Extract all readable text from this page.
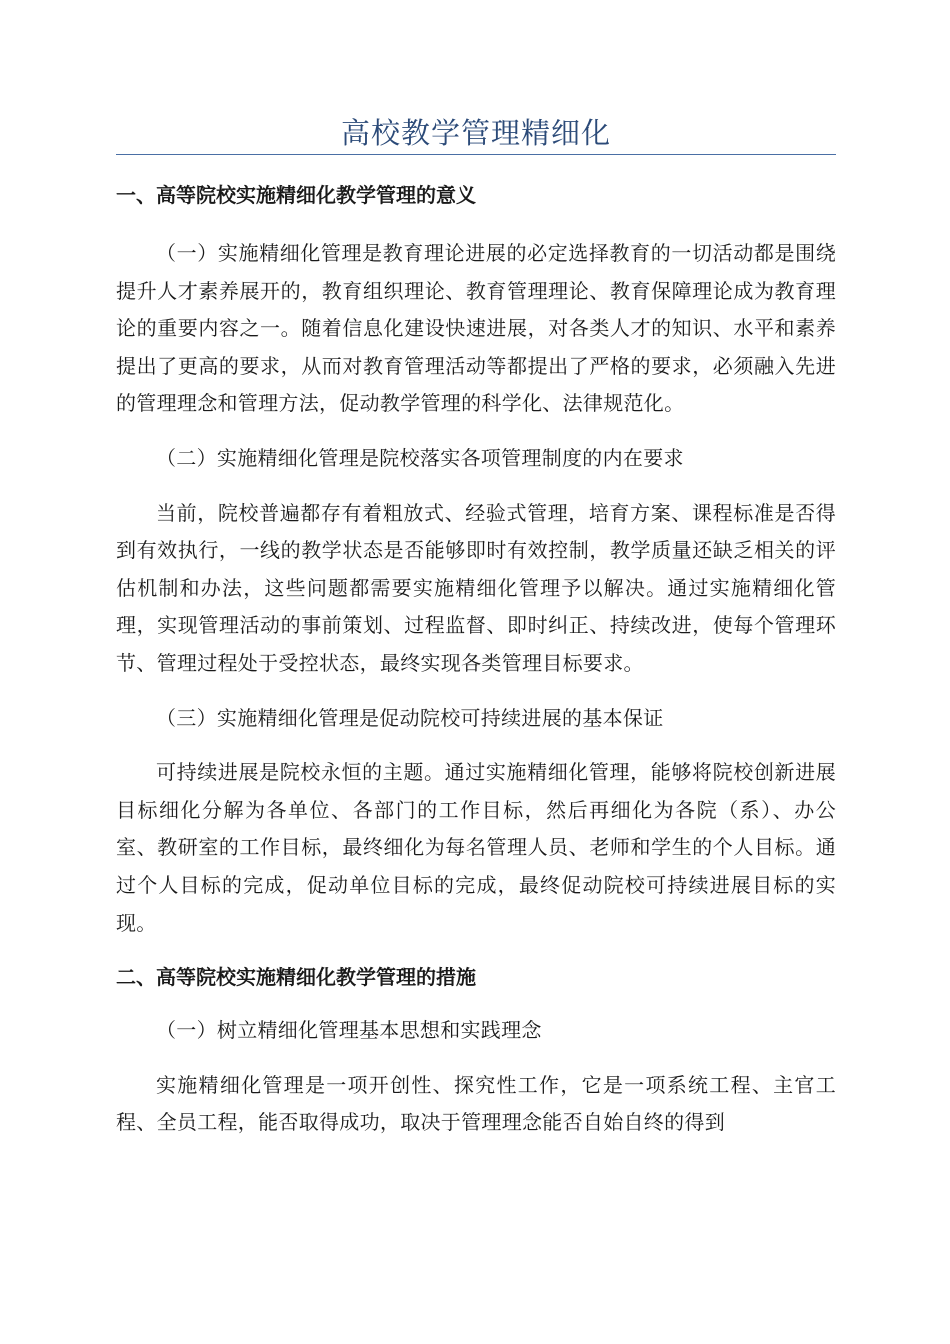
高校教学管理精细化

一、高等院校实施精细化教学管理的意义

（一）实施精细化管理是教育理论进展的必定选择教育的一切活动都是围绕提升人才素养展开的，教育组织理论、教育管理理论、教育保障理论成为教育理论的重要内容之一。随着信息化建设快速进展，对各类人才的知识、水平和素养提出了更高的要求，从而对教育管理活动等都提出了严格的要求，必须融入先进的管理理念和管理方法，促动教学管理的科学化、法律规范化。

（二）实施精细化管理是院校落实各项管理制度的内在要求

当前，院校普遍都存有着粗放式、经验式管理，培育方案、课程标准是否得到有效执行，一线的教学状态是否能够即时有效控制，教学质量还缺乏相关的评估机制和办法，这些问题都需要实施精细化管理予以解决。通过实施精细化管理，实现管理活动的事前策划、过程监督、即时纠正、持续改进，使每个管理环节、管理过程处于受控状态，最终实现各类管理目标要求。

（三）实施精细化管理是促动院校可持续进展的基本保证

可持续进展是院校永恒的主题。通过实施精细化管理，能够将院校创新进展目标细化分解为各单位、各部门的工作目标，然后再细化为各院（系）、办公室、教研室的工作目标，最终细化为每名管理人员、老师和学生的个人目标。通过个人目标的完成，促动单位目标的完成，最终促动院校可持续进展目标的实现。

二、高等院校实施精细化教学管理的措施

（一）树立精细化管理基本思想和实践理念

实施精细化管理是一项开创性、探究性工作，它是一项系统工程、主官工程、全员工程，能否取得成功，取决于管理理念能否自始自终的得到
